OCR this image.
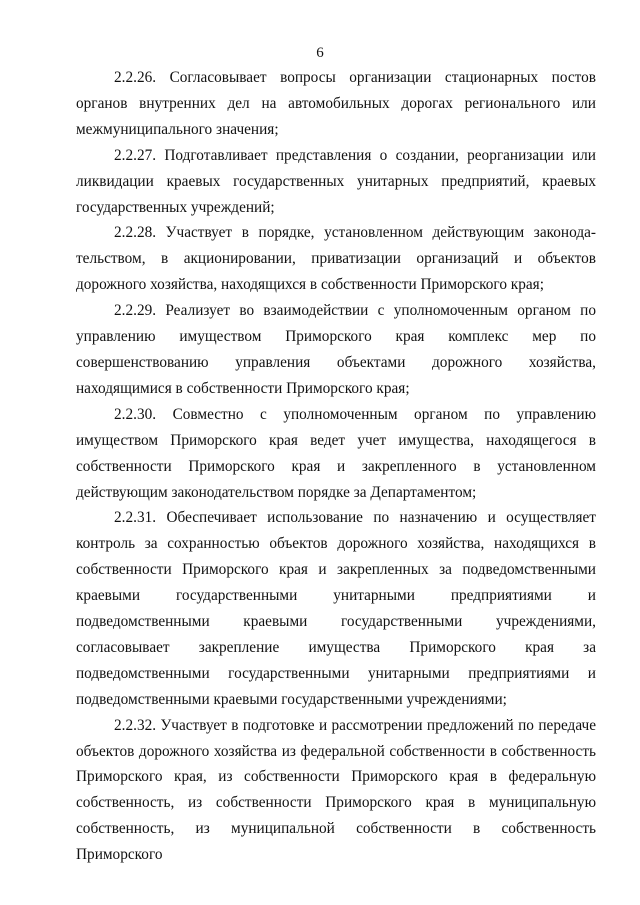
6

2.2.26. Согласовывает вопросы организации стационарных постов органов внутренних дел на автомобильных дорогах регионального или межмуниципального значения;

2.2.27. Подготавливает представления о создании, реорганизации или ликвидации краевых государственных унитарных предприятий, краевых государственных учреждений;

2.2.28. Участвует в порядке, установленном действующим законодательством, в акционировании, приватизации организаций и объектов дорожного хозяйства, находящихся в собственности Приморского края;

2.2.29. Реализует во взаимодействии с уполномоченным органом по управлению имуществом Приморского края комплекс мер по совершенствованию управления объектами дорожного хозяйства, находящимися в собственности Приморского края;

2.2.30. Совместно с уполномоченным органом по управлению имуществом Приморского края ведет учет имущества, находящегося в собственности Приморского края и закрепленного в установленном действующим законодательством порядке за Департаментом;

2.2.31. Обеспечивает использование по назначению и осуществляет контроль за сохранностью объектов дорожного хозяйства, находящихся в собственности Приморского края и закрепленных за подведомственными краевыми государственными унитарными предприятиями и подведомственными краевыми государственными учреждениями, согласовывает закрепление имущества Приморского края за подведомственными государственными унитарными предприятиями и подведомственными краевыми государственными учреждениями;

2.2.32. Участвует в подготовке и рассмотрении предложений по передаче объектов дорожного хозяйства из федеральной собственности в собственность Приморского края, из собственности Приморского края в федеральную собственность, из собственности Приморского края в муниципальную собственность, из муниципальной собственности в собственность Приморского
